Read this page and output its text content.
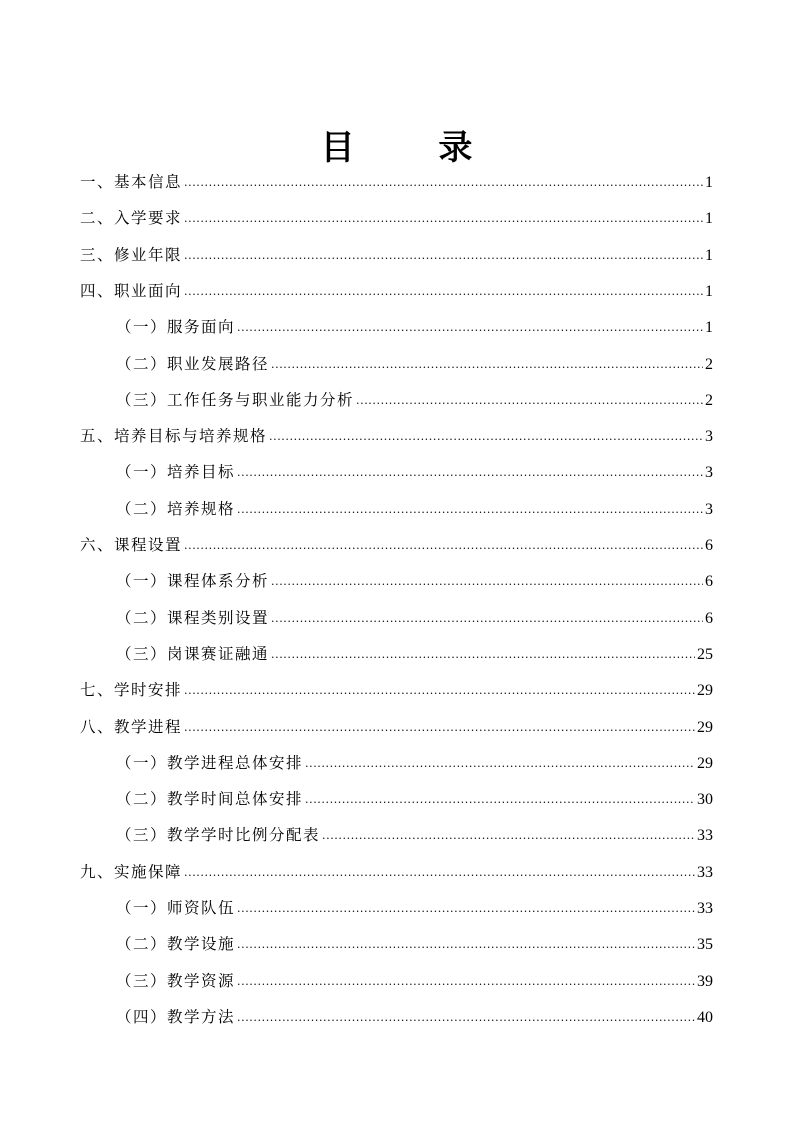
目 录
一、基本信息 .....	1
二、入学要求 .....	1
三、修业年限 .....	1
四、职业面向 .....	1
（一）服务面向 .....	1
（二）职业发展路径 .....	2
（三）工作任务与职业能力分析 .....	2
五、培养目标与培养规格 .....	3
（一）培养目标 .....	3
（二）培养规格 .....	3
六、课程设置 .....	6
（一）课程体系分析 .....	6
（二）课程类别设置 .....	6
（三）岗课赛证融通 .....	25
七、学时安排 .....	29
八、教学进程 .....	29
（一）教学进程总体安排 .....	29
（二）教学时间总体安排 .....	30
（三）教学学时比例分配表 .....	33
九、实施保障 .....	33
（一）师资队伍 .....	33
（二）教学设施 .....	35
（三）教学资源 .....	39
（四）教学方法 .....	40
